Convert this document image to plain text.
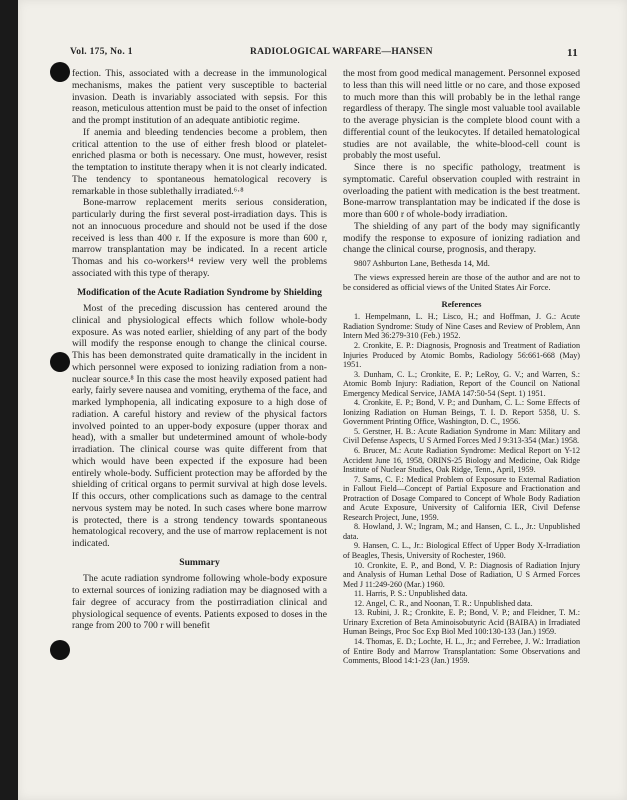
Vol. 175, No. 1	RADIOLOGICAL WARFARE—HANSEN	11

fection. This, associated with a decrease in the immunological mechanisms, makes the patient very susceptible to bacterial invasion. Death is invariably associated with sepsis. For this reason, meticulous attention must be paid to the onset of infection and the prompt institution of an adequate antibiotic regime.

If anemia and bleeding tendencies become a problem, then critical attention to the use of either fresh blood or platelet-enriched plasma or both is necessary. One must, however, resist the temptation to institute therapy when it is not clearly indicated. The tendency to spontaneous hematological recovery is remarkable in those sublethally irradiated.⁶·⁸

Bone-marrow replacement merits serious consideration, particularly during the first several post-irradiation days. This is not an innocuous procedure and should not be used if the dose received is less than 400 r. If the exposure is more than 600 r, marrow transplantation may be indicated. In a recent article Thomas and his co-workers¹⁴ review very well the problems associated with this type of therapy.

Modification of the Acute Radiation Syndrome by Shielding

Most of the preceding discussion has centered around the clinical and physiological effects which follow whole-body exposure. As was noted earlier, shielding of any part of the body will modify the response enough to change the clinical course. This has been demonstrated quite dramatically in the incident in which personnel were exposed to ionizing radiation from a non-nuclear source.⁸ In this case the most heavily exposed patient had early, fairly severe nausea and vomiting, erythema of the face, and marked lymphopenia, all indicating exposure to a high dose of radiation. A careful history and review of the physical factors involved pointed to an upper-body exposure (upper thorax and head), with a smaller but undetermined amount of whole-body irradiation. The clinical course was quite different from that which would have been expected if the exposure had been entirely whole-body. Sufficient protection may be afforded by the shielding of critical organs to permit survival at high dose levels. If this occurs, other complications such as damage to the central nervous system may be noted. In such cases where bone marrow is protected, there is a strong tendency towards spontaneous hematological recovery, and the use of marrow replacement is not indicated.

Summary

The acute radiation syndrome following whole-body exposure to external sources of ionizing radiation may be diagnosed with a fair degree of accuracy from the postirradiation clinical and physiological sequence of events. Patients exposed to doses in the range from 200 to 700 r will benefit

the most from good medical management. Personnel exposed to less than this will need little or no care, and those exposed to much more than this will probably be in the lethal range regardless of therapy. The single most valuable tool available to the average physician is the complete blood count with a differential count of the leukocytes. If detailed hematological studies are not available, the white-blood-cell count is probably the most useful.

Since there is no specific pathology, treatment is symptomatic. Careful observation coupled with restraint in overloading the patient with medication is the best treatment. Bone-marrow transplantation may be indicated if the dose is more than 600 r of whole-body irradiation.

The shielding of any part of the body may significantly modify the response to exposure of ionizing radiation and change the clinical course, prognosis, and therapy.

9807 Ashburton Lane, Bethesda 14, Md.

The views expressed herein are those of the author and are not to be considered as official views of the United States Air Force.

References

1. Hempelmann, L. H.; Lisco, H.; and Hoffman, J. G.: Acute Radiation Syndrome: Study of Nine Cases and Review of Problem, Ann Intern Med 36:279-310 (Feb.) 1952.

2. Cronkite, E. P.: Diagnosis, Prognosis and Treatment of Radiation Injuries Produced by Atomic Bombs, Radiology 56:661-668 (May) 1951.

3. Dunham, C. L.; Cronkite, E. P.; LeRoy, G. V.; and Warren, S.: Atomic Bomb Injury: Radiation, Report of the Council on National Emergency Medical Service, JAMA 147:50-54 (Sept. 1) 1951.

4. Cronkite, E. P.; Bond, V. P.; and Dunham, C. L.: Some Effects of Ionizing Radiation on Human Beings, T. I. D. Report 5358, U. S. Government Printing Office, Washington, D. C., 1956.

5. Gerstner, H. B.: Acute Radiation Syndrome in Man: Military and Civil Defense Aspects, U S Armed Forces Med J 9:313-354 (Mar.) 1958.

6. Brucer, M.: Acute Radiation Syndrome: Medical Report on Y-12 Accident June 16, 1958, ORINS-25 Biology and Medicine, Oak Ridge Institute of Nuclear Studies, Oak Ridge, Tenn., April, 1959.

7. Sams, C. F.: Medical Problem of Exposure to External Radiation in Fallout Field—Concept of Partial Exposure and Fractionation and Protraction of Dosage Compared to Concept of Whole Body Radiation and Acute Exposure, University of California IER, Civil Defense Research Project, June, 1959.

8. Howland, J. W.; Ingram, M.; and Hansen, C. L., Jr.: Unpublished data.

9. Hansen, C. L., Jr.: Biological Effect of Upper Body X-Irradiation of Beagles, Thesis, University of Rochester, 1960.

10. Cronkite, E. P., and Bond, V. P.: Diagnosis of Radiation Injury and Analysis of Human Lethal Dose of Radiation, U S Armed Forces Med J 11:249-260 (Mar.) 1960.

11. Harris, P. S.: Unpublished data.

12. Angel, C. R., and Noonan, T. R.: Unpublished data.

13. Rubini, J. R.; Cronkite, E. P.; Bond, V. P.; and Fleidner, T. M.: Urinary Excretion of Beta Aminoisobutyric Acid (BAIBA) in Irradiated Human Beings, Proc Soc Exp Biol Med 100:130-133 (Jan.) 1959.

14. Thomas, E. D.; Lochte, H. L., Jr.; and Ferrebee, J. W.: Irradiation of Entire Body and Marrow Transplantation: Some Observations and Comments, Blood 14:1-23 (Jan.) 1959.
